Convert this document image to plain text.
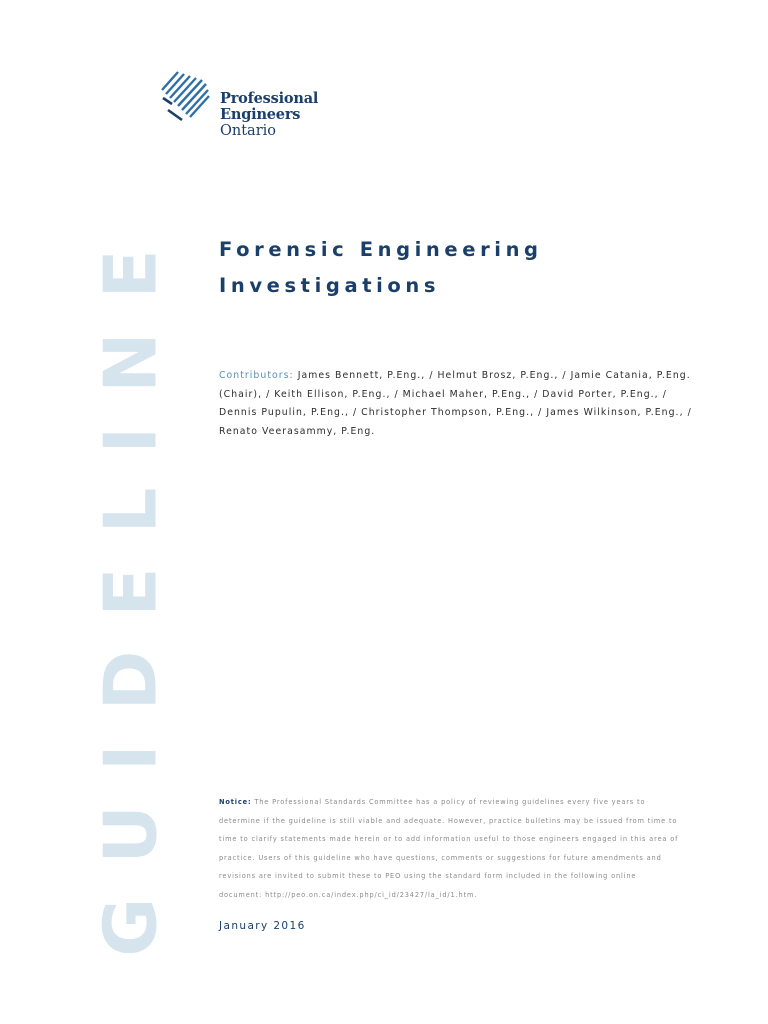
Professional Engineers
Ontario
GUIDELINE Forensic Engineering
Investigations

Contributors: James Bennett, P.Eng., / Helmut Brosz, P.Eng., / Jamie Catania, P.Eng. (Chair), / Keith Ellison, P.Eng., / Michael Maher, P.Eng., / David Porter, P.Eng., / Dennis Pupulin, P.Eng., / Christopher Thompson, P.Eng., / James Wilkinson, P.Eng., / Renato Veerasammy, P.Eng.

Notice: The Professional Standards Committee has a policy of reviewing guidelines every five years to determine if the guideline is still viable and adequate. However, practice bulletins may be issued from time to time to clarify statements made herein or to add information useful to those engineers engaged in this area of practice. Users of this guideline who have questions, comments or suggestions for future amendments and revisions are invited to submit these to PEO using the standard form included in the following online document: http://peo.on.ca/index.php/ci_id/23427/la_id/1.htm.

January 2016
